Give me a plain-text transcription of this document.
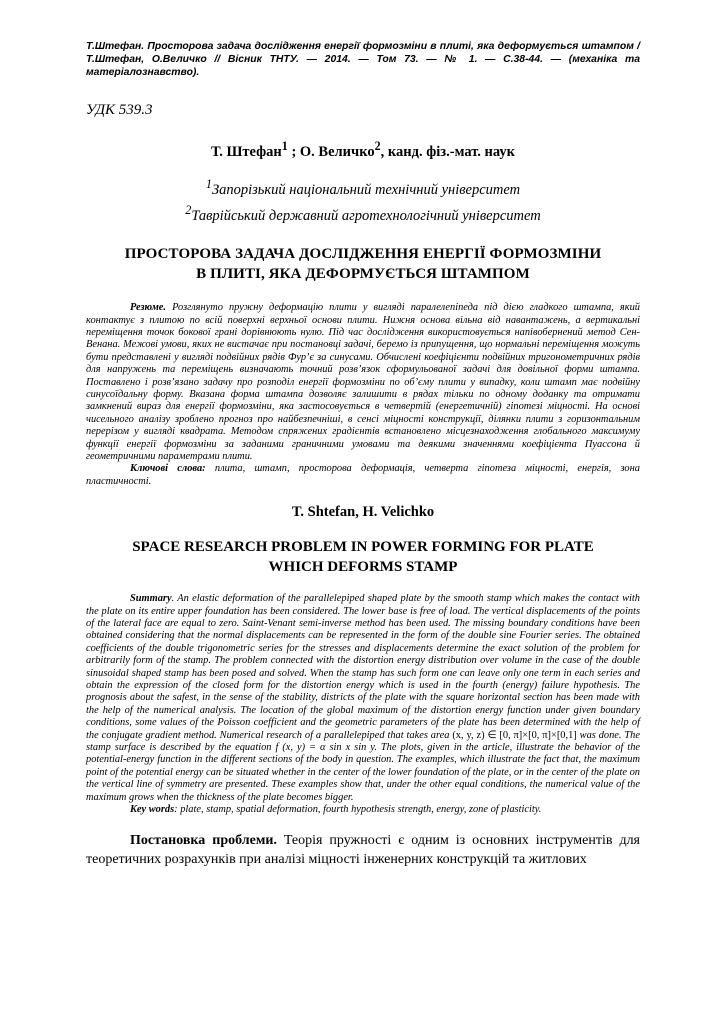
Т.Штефан. Просторова задача дослідження енергії формозміни в плиті, яка деформується штампом / Т.Штефан, О.Величко // Вісник ТНТУ. — 2014. — Том 73. — № 1. — С.38-44. — (механіка та матеріалознавство).

УДК 539.3

Т. Штефан$^1$ ; О. Величко$^2$, канд. фіз.-мат. наук

$^1$Запорізький національний технічний університет

$^2$Таврійський державний агротехнологічний університет

ПРОСТОРОВА ЗАДАЧА ДОСЛІДЖЕННЯ ЕНЕРГІЇ ФОРМОЗМІНИ
В ПЛИТІ, ЯКА ДЕФОРМУЄТЬСЯ ШТАМПОМ

Резюме. Розглянуто пружну деформацію плити у вигляді паралелепіпеда під дією гладкого штампа, який контактує з плитою по всій поверхні верхньої основи плити. Нижня основа вільна від навантажень, а вертикальні переміщення точок бокової грані дорівнюють нулю. Під час дослідження використовується напівобернений метод Сен-Венана. Межові умови, яких не вистачає при постановці задачі, беремо із припущення, що нормальні переміщення можуть бути представлені у вигляді подвійних рядів Фур’є за синусами. Обчислені коефіцієнти подвійних тригонометричних рядів для напружень та переміщень визначають точний розв’язок сформульованої задачі для довільної форми штампа. Поставлено і розв’язано задачу про розподіл енергії формозміни по об’єму плити у випадку, коли штамп має подвійну синусоїдальну форму. Вказана форма штампа дозволяє залишити в рядах тільки по одному доданку та отримати замкнений вираз для енергії формозміни, яка застосовується в четвертій (енергетичній) гіпотезі міцності. На основі чисельного аналізу зроблено прогноз про найбезпечніші, в сенсі міцності конструкції, ділянки плити з горизонтальним перерізом у вигляді квадрата. Методом спряжених градієнтів встановлено місцезнаходження глобального максимуму функції енергії формозміни за заданими граничними умовами та деякими значеннями коефіцієнта Пуассона й геометричними параметрами плити.

Ключові слова: плита, штамп, просторова деформація, четверта гіпотеза міцності, енергія, зона пластичності.

T. Shtefan, H. Velichko

SPACE RESEARCH PROBLEM IN POWER FORMING FOR PLATE
WHICH DEFORMS STAMP

Summary. An elastic deformation of the parallelepiped shaped plate by the smooth stamp which makes the contact with the plate on its entire upper foundation has been considered. The lower base is free of load. The vertical displacements of the points of the lateral face are equal to zero. Saint-Venant semi-inverse method has been used. The missing boundary conditions have been obtained considering that the normal displacements can be represented in the form of the double sine Fourier series. The obtained coefficients of the double trigonometric series for the stresses and displacements determine the exact solution of the problem for arbitrarily form of the stamp. The problem connected with the distortion energy distribution over volume in the case of the double sinusoidal shaped stamp has been posed and solved. When the stamp has such form one can leave only one term in each series and obtain the expression of the closed form for the distortion energy which is used in the fourth (energy) failure hypothesis. The prognosis about the safest, in the sense of the stability, districts of the plate with the square horizontal section has been made with the help of the numerical analysis. The location of the global maximum of the distortion energy function under given boundary conditions, some values of the Poisson coefficient and the geometric parameters of the plate has been determined with the help of the conjugate gradient method. Numerical research of a parallelepiped that takes area (x, y, z) ∈ [0, π]×[0, π]×[0,1] was done. The stamp surface is described by the equation f (x, y) = α sin x sin y. The plots, given in the article, illustrate the behavior of the potential-energy function in the different sections of the body in question. The examples, which illustrate the fact that, the maximum point of the potential energy can be situated whether in the center of the lower foundation of the plate, or in the center of the plate on the vertical line of symmetry are presented. These examples show that, under the other equal conditions, the numerical value of the maximum grows when the thickness of the plate becomes bigger.

Key words: plate, stamp, spatial deformation, fourth hypothesis strength, energy, zone of plasticity.

Постановка проблеми. Теорія пружності є одним із основних інструментів для теоретичних розрахунків при аналізі міцності інженерних конструкцій та житлових
